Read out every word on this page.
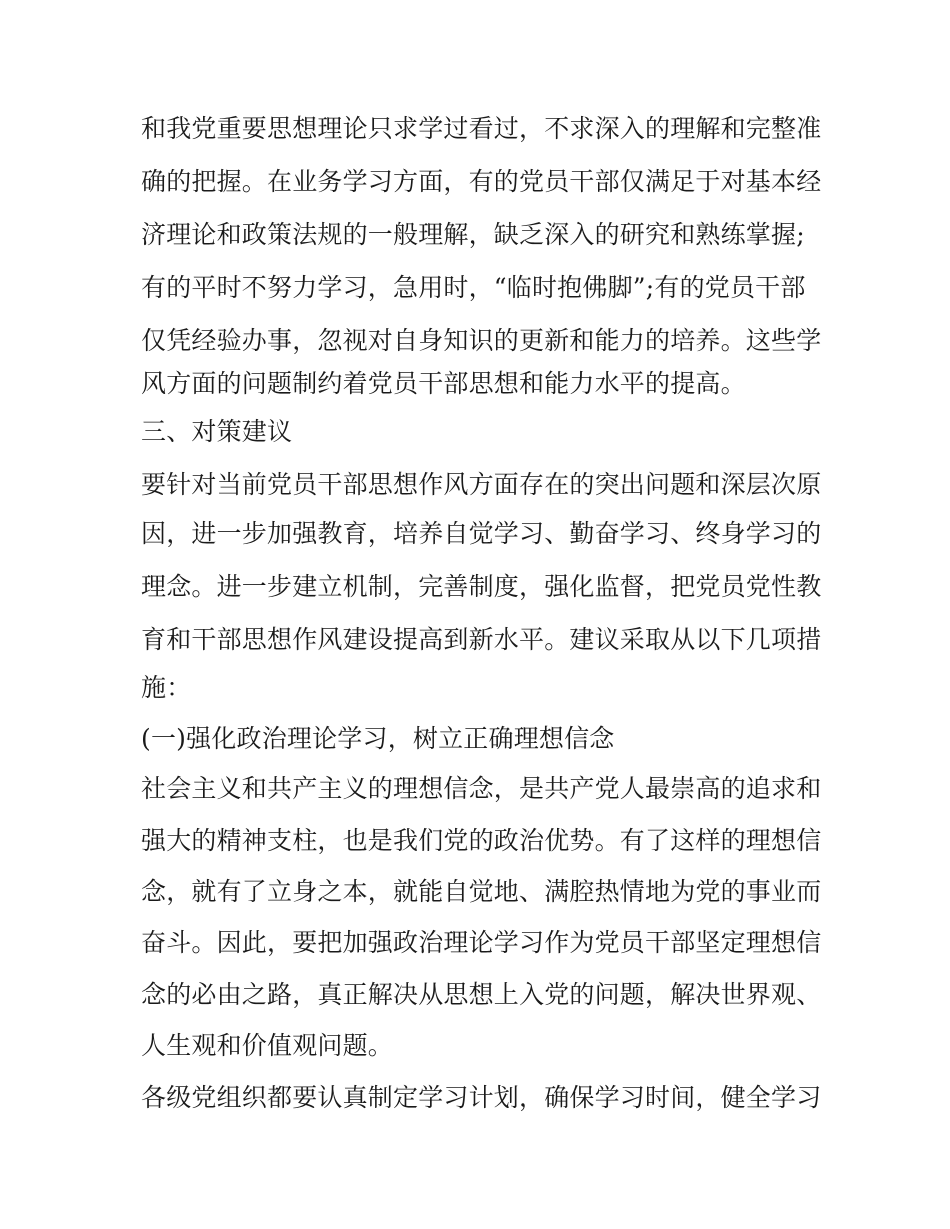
和我党重要思想理论只求学过看过，不求深入的理解和完整准
确的把握。在业务学习方面，有的党员干部仅满足于对基本经
济理论和政策法规的一般理解，缺乏深入的研究和熟练掌握;
有的平时不努力学习，急用时，“临时抱佛脚”;有的党员干部
仅凭经验办事，忽视对自身知识的更新和能力的培养。这些学
风方面的问题制约着党员干部思想和能力水平的提高。
三、对策建议
要针对当前党员干部思想作风方面存在的突出问题和深层次原
因，进一步加强教育，培养自觉学习、勤奋学习、终身学习的
理念。进一步建立机制，完善制度，强化监督，把党员党性教
育和干部思想作风建设提高到新水平。建议采取从以下几项措
施：
(一)强化政治理论学习，树立正确理想信念
社会主义和共产主义的理想信念，是共产党人最崇高的追求和
强大的精神支柱，也是我们党的政治优势。有了这样的理想信
念，就有了立身之本，就能自觉地、满腔热情地为党的事业而
奋斗。因此，要把加强政治理论学习作为党员干部坚定理想信
念的必由之路，真正解决从思想上入党的问题，解决世界观、
人生观和价值观问题。
各级党组织都要认真制定学习计划，确保学习时间，健全学习
